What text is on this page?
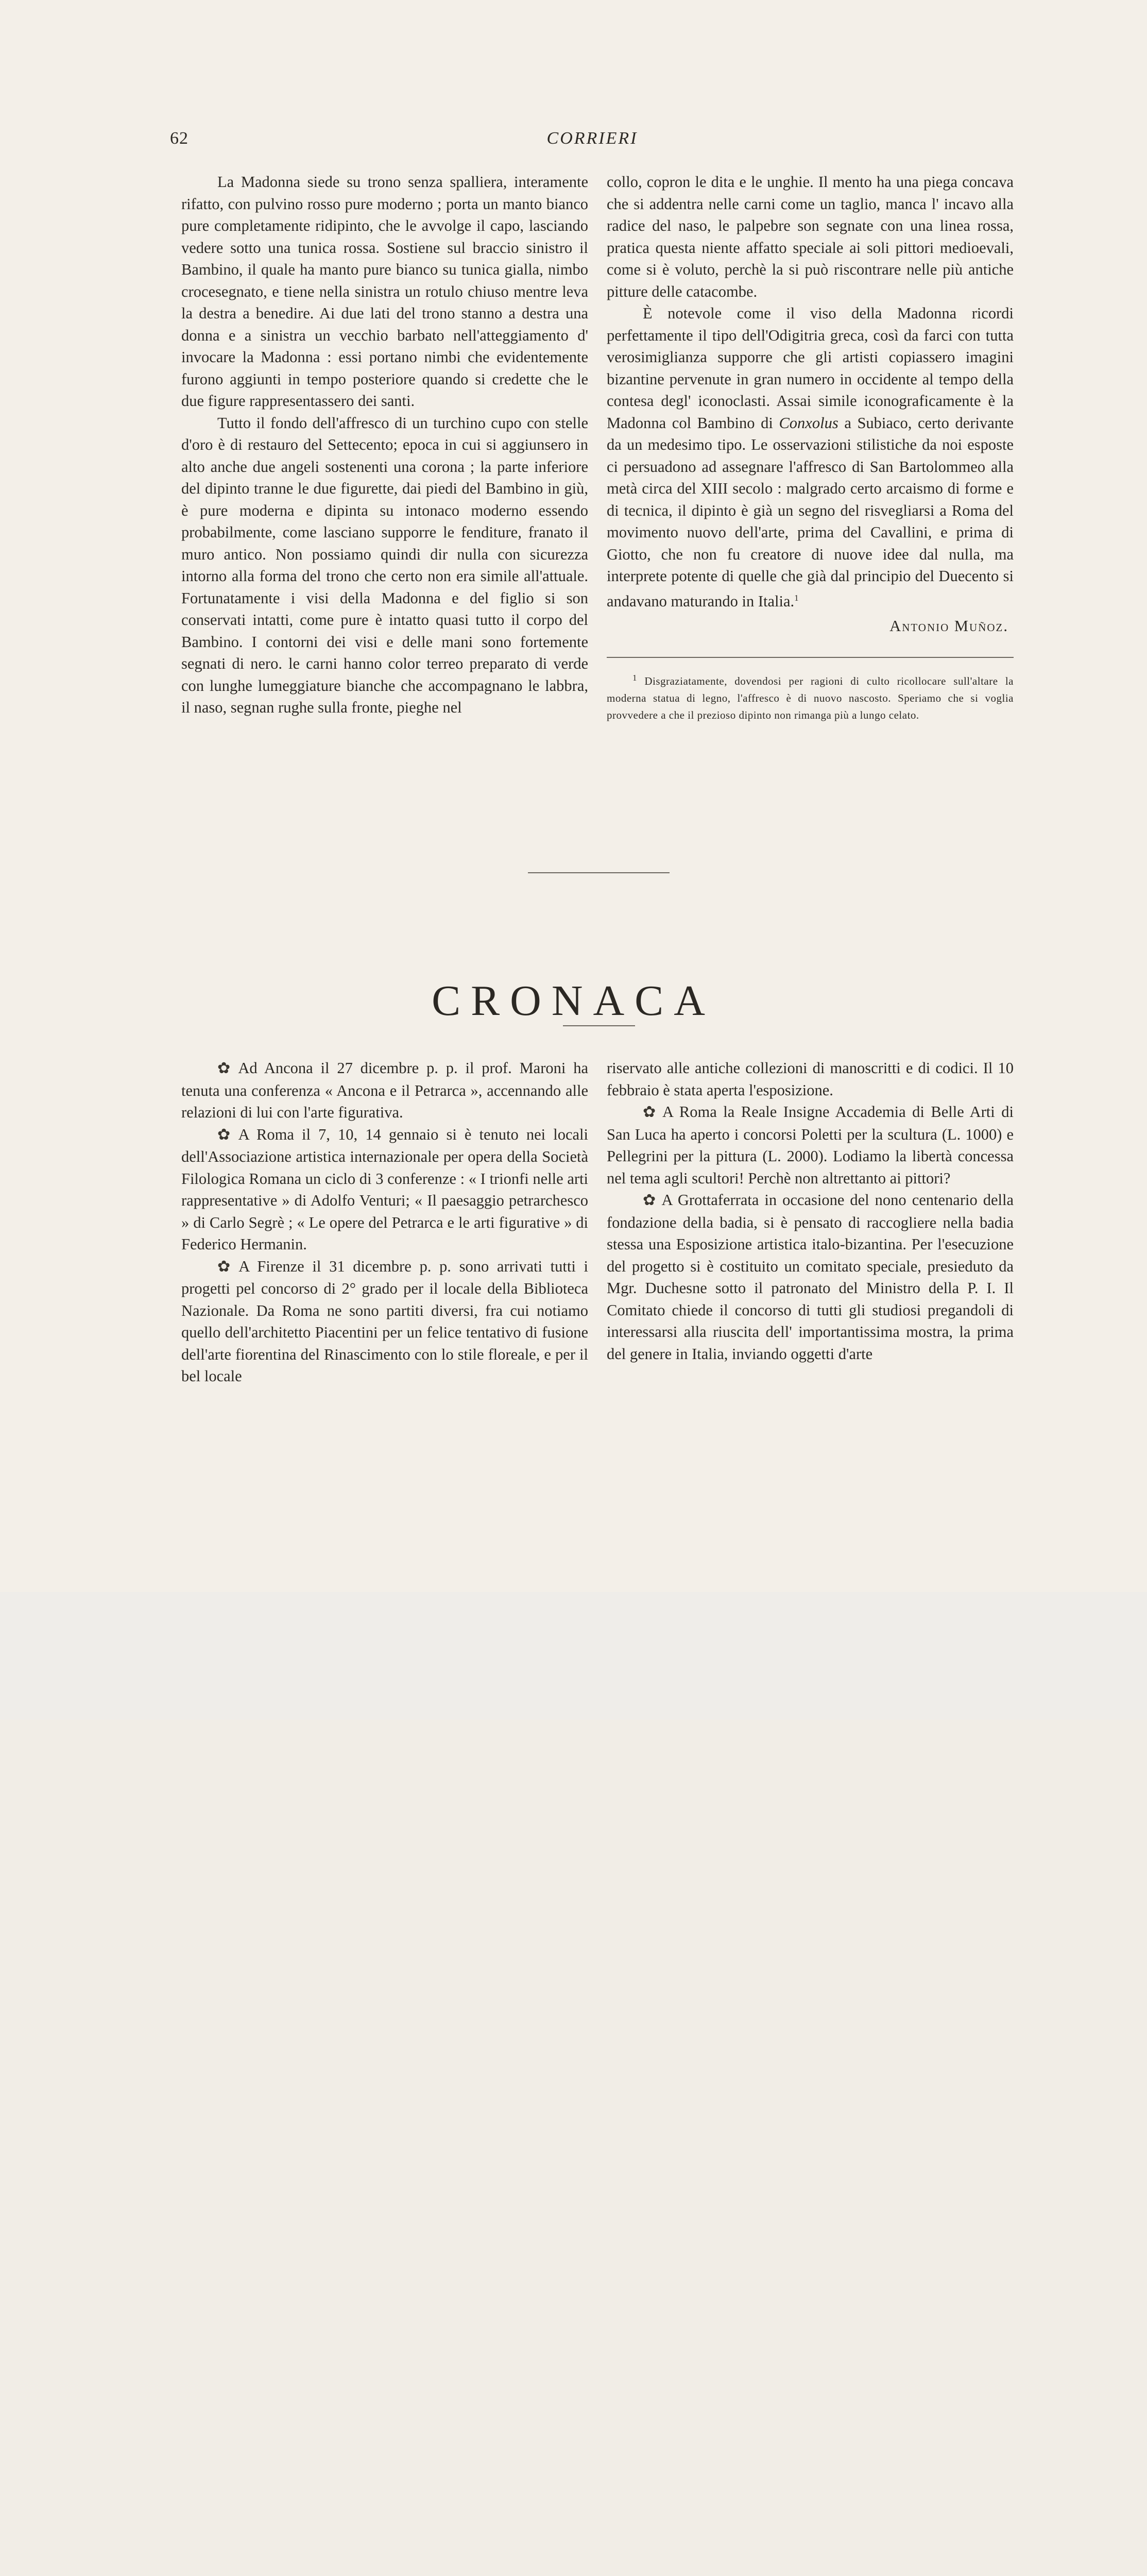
62	CORRIERI

La Madonna siede su trono senza spalliera, interamente rifatto, con pulvino rosso pure moderno ; porta un manto bianco pure completamente ridipinto, che le avvolge il capo, lasciando vedere sotto una tunica rossa. Sostiene sul braccio sinistro il Bambino, il quale ha manto pure bianco su tunica gialla, nimbo crocesegnato, e tiene nella sinistra un rotulo chiuso mentre leva la destra a benedire. Ai due lati del trono stanno a destra una donna e a sinistra un vecchio barbato nell'atteggiamento d' invocare la Madonna : essi portano nimbi che evidentemente furono aggiunti in tempo posteriore quando si credette che le due figure rappresentassero dei santi.

Tutto il fondo dell'affresco di un turchino cupo con stelle d'oro è di restauro del Settecento; epoca in cui si aggiunsero in alto anche due angeli sostenenti una corona ; la parte inferiore del dipinto tranne le due figurette, dai piedi del Bambino in giù, è pure moderna e dipinta su intonaco moderno essendo probabilmente, come lasciano supporre le fenditure, franato il muro antico. Non possiamo quindi dir nulla con sicurezza intorno alla forma del trono che certo non era simile all'attuale. Fortunatamente i visi della Madonna e del figlio si son conservati intatti, come pure è intatto quasi tutto il corpo del Bambino. I contorni dei visi e delle mani sono fortemente segnati di nero. le carni hanno color terreo preparato di verde con lunghe lumeggiature bianche che accompagnano le labbra, il naso, segnan rughe sulla fronte, pieghe nel

collo, copron le dita e le unghie. Il mento ha una piega concava che si addentra nelle carni come un taglio, manca l' incavo alla radice del naso, le palpebre son segnate con una linea rossa, pratica questa niente affatto speciale ai soli pittori medioevali, come si è voluto, perchè la si può riscontrare nelle più antiche pitture delle catacombe.

È notevole come il viso della Madonna ricordi perfettamente il tipo dell'Odigitria greca, così da farci con tutta verosimiglianza supporre che gli artisti copiassero imagini bizantine pervenute in gran numero in occidente al tempo della contesa degl' iconoclasti. Assai simile iconograficamente è la Madonna col Bambino di Conxolus a Subiaco, certo derivante da un medesimo tipo. Le osservazioni stilistiche da noi esposte ci persuadono ad assegnare l'affresco di San Bartolommeo alla metà circa del XIII secolo : malgrado certo arcaismo di forme e di tecnica, il dipinto è già un segno del risvegliarsi a Roma del movimento nuovo dell'arte, prima del Cavallini, e prima di Giotto, che non fu creatore di nuove idee dal nulla, ma interprete potente di quelle che già dal principio del Duecento si andavano maturando in Italia.$^1$

Antonio Muñoz.
$^1$ Disgraziatamente, dovendosi per ragioni di culto ricollocare sull'altare la moderna statua di legno, l'affresco è di nuovo nascosto. Speriamo che si voglia provvedere a che il prezioso dipinto non rimanga più a lungo celato.
CRONACA

✿ Ad Ancona il 27 dicembre p. p. il prof. Maroni ha tenuta una conferenza « Ancona e il Petrarca », accennando alle relazioni di lui con l'arte figurativa.

✿ A Roma il 7, 10, 14 gennaio si è tenuto nei locali dell'Associazione artistica internazionale per opera della Società Filologica Romana un ciclo di 3 conferenze : « I trionfi nelle arti rappresentative » di Adolfo Venturi; « Il paesaggio petrarchesco » di Carlo Segrè ; « Le opere del Petrarca e le arti figurative » di Federico Hermanin.

✿ A Firenze il 31 dicembre p. p. sono arrivati tutti i progetti pel concorso di 2° grado per il locale della Biblioteca Nazionale. Da Roma ne sono partiti diversi, fra cui notiamo quello dell'architetto Piacentini per un felice tentativo di fusione dell'arte fiorentina del Rinascimento con lo stile floreale, e per il bel locale

riservato alle antiche collezioni di manoscritti e di codici. Il 10 febbraio è stata aperta l'esposizione.

✿ A Roma la Reale Insigne Accademia di Belle Arti di San Luca ha aperto i concorsi Poletti per la scultura (L. 1000) e Pellegrini per la pittura (L. 2000). Lodiamo la libertà concessa nel tema agli scultori! Perchè non altrettanto ai pittori?

✿ A Grottaferrata in occasione del nono centenario della fondazione della badia, si è pensato di raccogliere nella badia stessa una Esposizione artistica italo-bizantina. Per l'esecuzione del progetto si è costituito un comitato speciale, presieduto da Mgr. Duchesne sotto il patronato del Ministro della P. I. Il Comitato chiede il concorso di tutti gli studiosi pregandoli di interessarsi alla riuscita dell' importantissima mostra, la prima del genere in Italia, inviando oggetti d'arte
